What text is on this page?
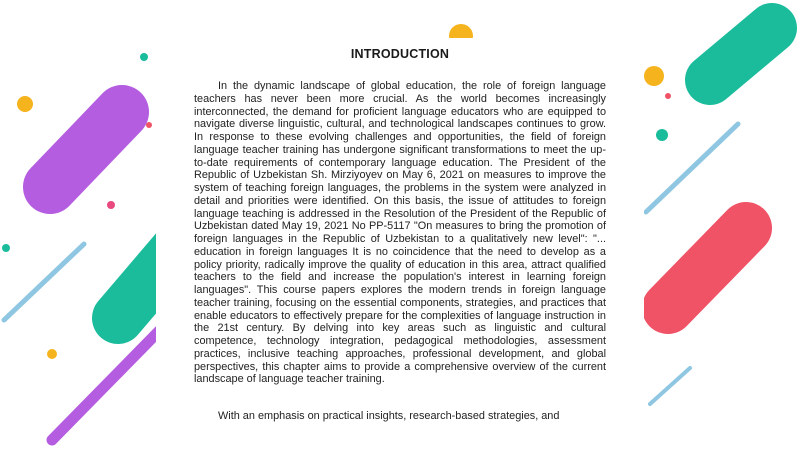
INTRODUCTION

In the dynamic landscape of global education, the role of foreign language teachers has never been more crucial. As the world becomes increasingly interconnected, the demand for proficient language educators who are equipped to navigate diverse linguistic, cultural, and technological landscapes continues to grow. In response to these evolving challenges and opportunities, the field of foreign language teacher training has undergone significant transformations to meet the up-to-date requirements of contemporary language education. The President of the Republic of Uzbekistan Sh. Mirziyoyev on May 6, 2021 on measures to improve the system of teaching foreign languages, the problems in the system were analyzed in detail and priorities were identified. On this basis, the issue of attitudes to foreign language teaching is addressed in the Resolution of the President of the Republic of Uzbekistan dated May 19, 2021 No PP-5117 "On measures to bring the promotion of foreign languages in the Republic of Uzbekistan to a qualitatively new level": "... education in foreign languages It is no coincidence that the need to develop as a policy priority, radically improve the quality of education in this area, attract qualified teachers to the field and increase the population's interest in learning foreign languages". This course papers explores the modern trends in foreign language teacher training, focusing on the essential components, strategies, and practices that enable educators to effectively prepare for the complexities of language instruction in the 21st century. By delving into key areas such as linguistic and cultural competence, technology integration, pedagogical methodologies, assessment practices, inclusive teaching approaches, professional development, and global perspectives, this chapter aims to provide a comprehensive overview of the current landscape of language teacher training.

With an emphasis on practical insights, research-based strategies, and
